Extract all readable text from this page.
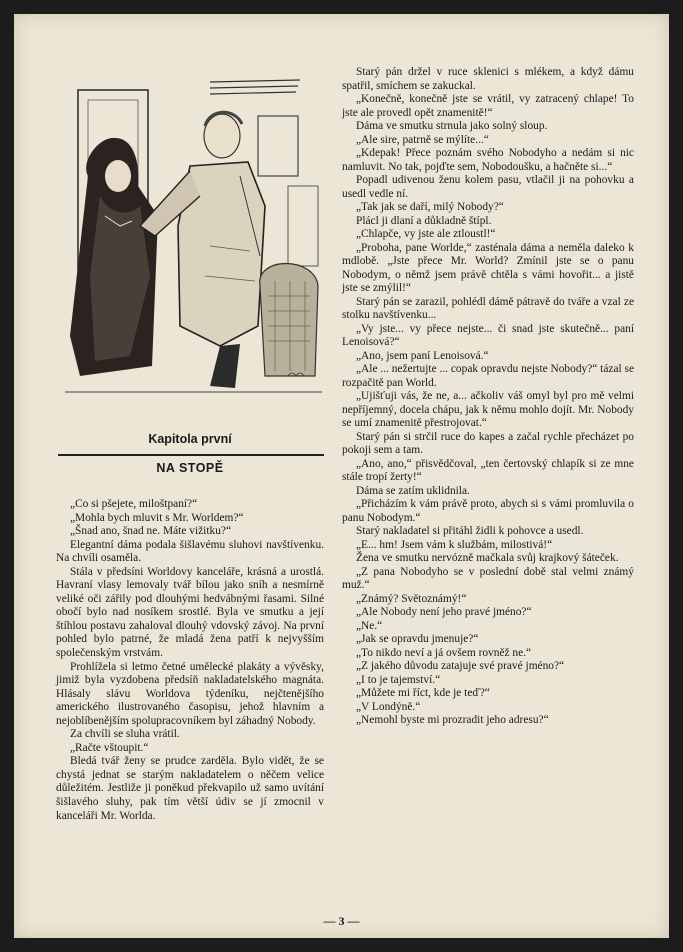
Kapitola první
NA STOPĚ

„Co si pšejete, miloštpaní?“

„Mohla bych mluvit s Mr. Worldem?“

„Šnad ano, šnad ne. Máte vižitku?“

Elegantní dáma podala šišlavému sluhovi navštívenku. Na chvíli osaměla.

Stála v předsíni Worldovy kanceláře, krásná a urostlá. Havraní vlasy lemovaly tvář bílou jako sníh a nesmírně veliké oči zářily pod dlouhými hedvábnými řasami. Silné obočí bylo nad nosíkem srostlé. Byla ve smutku a její štíhlou postavu zahaloval dlouhý vdovský závoj. Na první pohled bylo patrné, že mladá žena patří k nejvyšším společenským vrstvám.

Prohlížela si letmo četné umělecké plakáty a vývěsky, jimiž byla vyzdobena předsíň nakladatelského magnáta. Hlásaly slávu Worldova týdeníku, nejčtenějšího amerického ilustrovaného časopisu, jehož hlavním a nejoblíbenějším spolupracovníkem byl záhadný Nobody.

Za chvíli se sluha vrátil.

„Račte vštoupit.“

Bledá tvář ženy se prudce zarděla. Bylo vidět, že se chystá jednat se starým nakladatelem o něčem velice důležitém. Jestliže ji poněkud překvapilo už samo uvítání šišlavého sluhy, pak tím větší údiv se jí zmocnil v kanceláři Mr. Worlda.

Starý pán držel v ruce sklenici s mlékem, a když dámu spatřil, smíchem se zakuckal.

„Konečně, konečně jste se vrátil, vy zatracený chlape! To jste ale provedl opět znamenitě!“

Dáma ve smutku strnula jako solný sloup.

„Ale sire, patrně se mýlíte...“

„Kdepak! Přece poznám svého Nobodyho a nedám si nic namluvit. No tak, pojďte sem, Nobodoušku, a hačněte si...“

Popadl udivenou ženu kolem pasu, vtlačil ji na pohovku a usedl vedle ní.

„Tak jak se daří, milý Nobody?“

Plácl ji dlaní a důkladně štípl.

„Chlapče, vy jste ale ztloustl!“

„Proboha, pane Worlde,“ zasténala dáma a neměla daleko k mdlobě. „Jste přece Mr. World? Zmínil jste se o panu Nobodym, o němž jsem právě chtěla s vámi hovořit... a jistě jste se zmýlil!“

Starý pán se zarazil, pohlédl dámě pátravě do tváře a vzal ze stolku navštívenku...

„Vy jste... vy přece nejste... či snad jste skutečně... paní Lenoisová?“

„Ano, jsem paní Lenoisová.“

„Ale ... nežertujte ... copak opravdu nejste Nobody?“ tázal se rozpačitě pan World.

„Ujišťuji vás, že ne, a... ačkoliv váš omyl byl pro mě velmi nepříjemný, docela chápu, jak k němu mohlo dojít. Mr. Nobody se umí znamenitě přestrojovat.“

Starý pán si strčil ruce do kapes a začal rychle přecházet po pokoji sem a tam.

„Ano, ano,“ přisvědčoval, „ten čertovský chlapík si ze mne stále tropí žerty!“

Dáma se zatím uklidnila.

„Přicházím k vám právě proto, abych si s vámi promluvila o panu Nobodym.“

Starý nakladatel si přitáhl židli k pohovce a usedl.

„E... hm! Jsem vám k službám, milostivá!“

Žena ve smutku nervózně mačkala svůj krajkový šáteček.

„Z pana Nobodyho se v poslední době stal velmi známý muž.“

„Známý? Světoznámý!“

„Ale Nobody není jeho pravé jméno?“

„Ne.“

„Jak se opravdu jmenuje?“

„To nikdo neví a já ovšem rovněž ne.“

„Z jakého důvodu zatajuje své pravé jméno?“

„I to je tajemství.“

„Můžete mi říct, kde je teď?“

„V Londýně.“

„Nemohl byste mi prozradit jeho adresu?“

— 3 —
